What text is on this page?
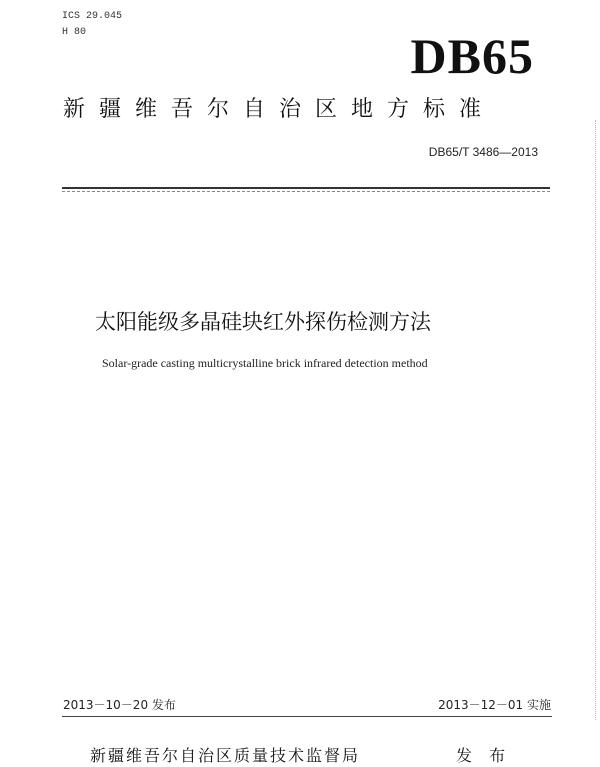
ICS 29.045
H 80	DB65
新疆维吾尔自治区地方标准
DB65/T 3486—2013
太阳能级多晶硅块红外探伤检测方法
Solar-grade casting multicrystalline brick infrared detection method
2013－10－20 发布	2013－12－01 实施
新疆维吾尔自治区质量技术监督局	发 布
